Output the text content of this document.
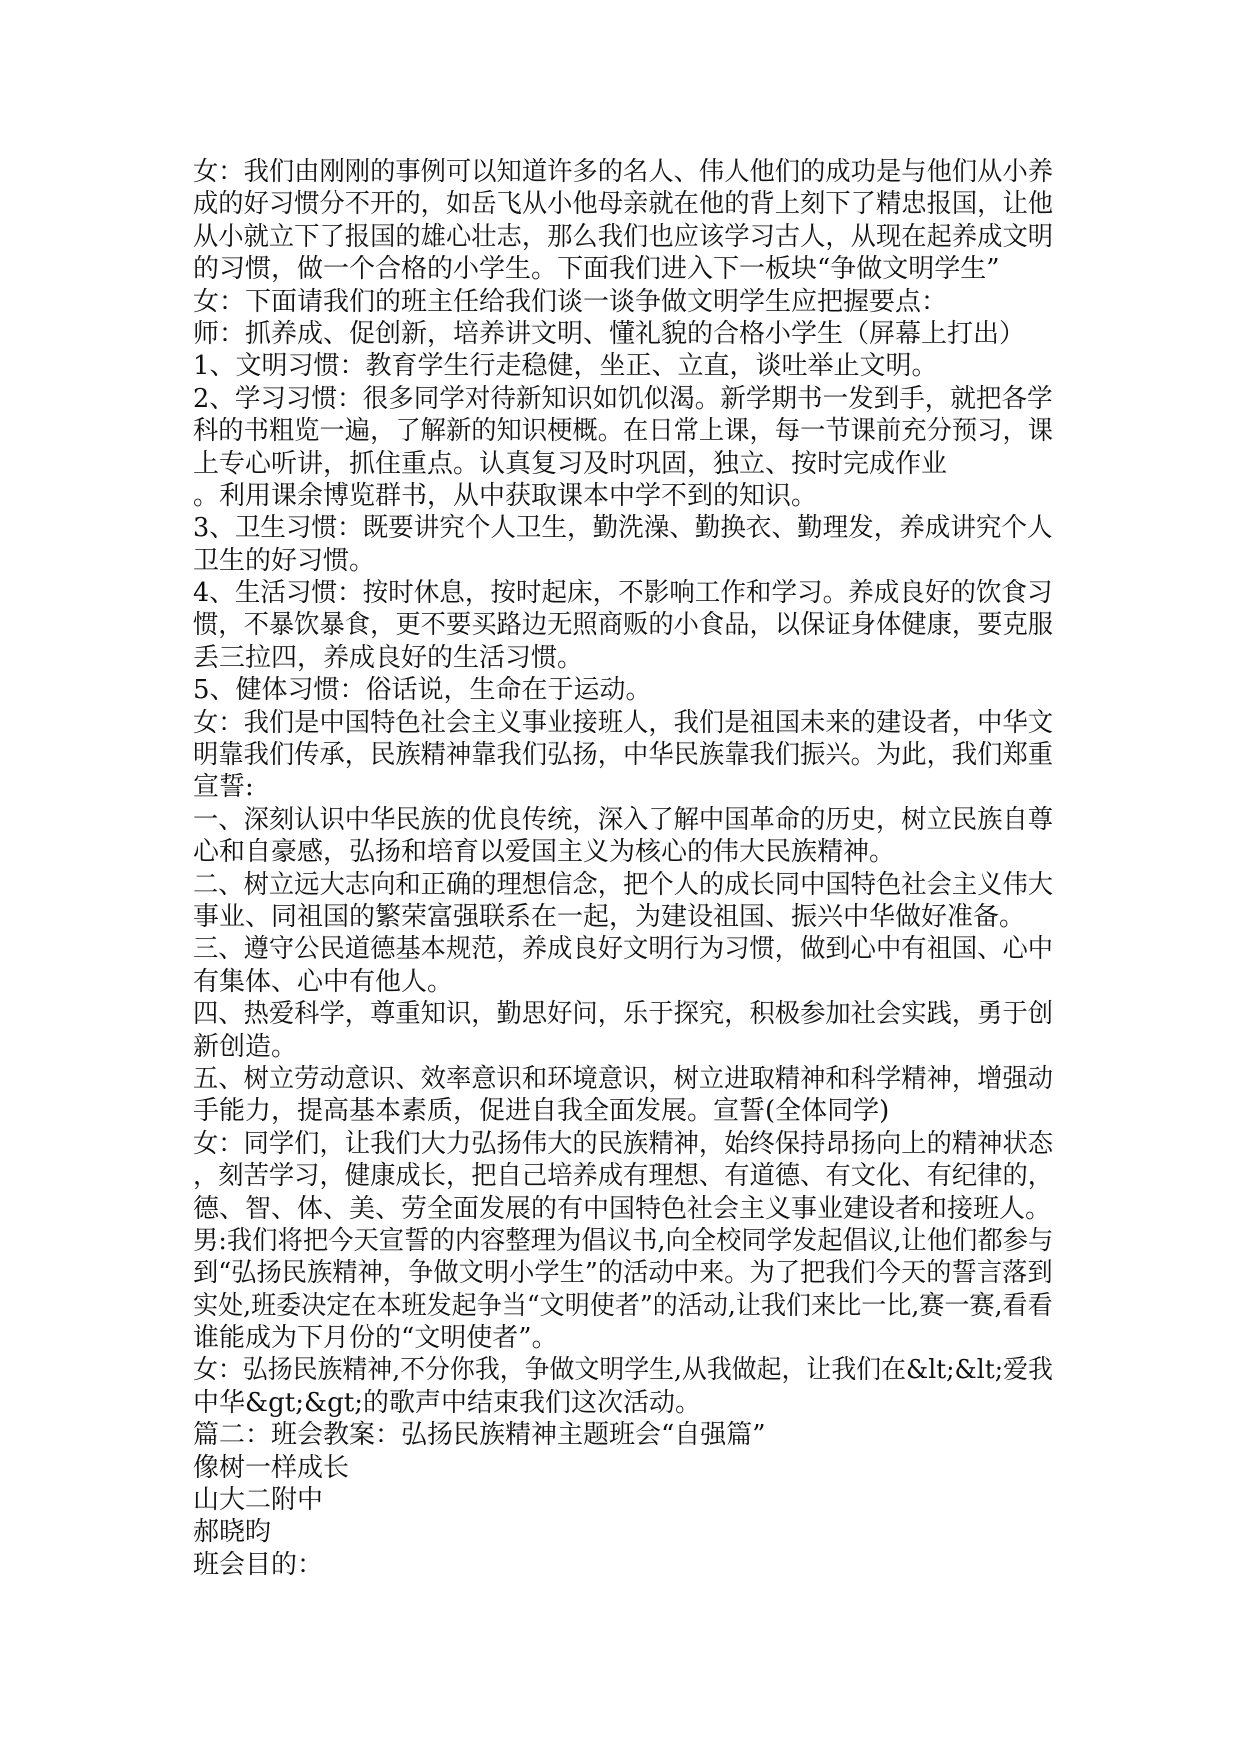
女：我们由刚刚的事例可以知道许多的名人、伟人他们的成功是与他们从小养
成的好习惯分不开的，如岳飞从小他母亲就在他的背上刻下了精忠报国，让他
从小就立下了报国的雄心壮志，那么我们也应该学习古人，从现在起养成文明
的习惯，做一个合格的小学生。下面我们进入下一板块“争做文明学生”
女：下面请我们的班主任给我们谈一谈争做文明学生应把握要点：
师：抓养成、促创新，培养讲文明、懂礼貌的合格小学生（屏幕上打出）
1、文明习惯：教育学生行走稳健，坐正、立直，谈吐举止文明。
2、学习习惯：很多同学对待新知识如饥似渴。新学期书一发到手，就把各学
科的书粗览一遍，了解新的知识梗概。在日常上课，每一节课前充分预习，课
上专心听讲，抓住重点。认真复习及时巩固，独立、按时完成作业
。利用课余博览群书，从中获取课本中学不到的知识。
3、卫生习惯：既要讲究个人卫生，勤洗澡、勤换衣、勤理发，养成讲究个人
卫生的好习惯。
4、生活习惯：按时休息，按时起床，不影响工作和学习。养成良好的饮食习
惯，不暴饮暴食，更不要买路边无照商贩的小食品，以保证身体健康，要克服
丢三拉四，养成良好的生活习惯。
5、健体习惯：俗话说，生命在于运动。
女：我们是中国特色社会主义事业接班人，我们是祖国未来的建设者，中华文
明靠我们传承，民族精神靠我们弘扬，中华民族靠我们振兴。为此，我们郑重
宣誓:
一、深刻认识中华民族的优良传统，深入了解中国革命的历史，树立民族自尊
心和自豪感，弘扬和培育以爱国主义为核心的伟大民族精神。
二、树立远大志向和正确的理想信念，把个人的成长同中国特色社会主义伟大
事业、同祖国的繁荣富强联系在一起，为建设祖国、振兴中华做好准备。
三、遵守公民道德基本规范，养成良好文明行为习惯，做到心中有祖国、心中
有集体、心中有他人。
四、热爱科学，尊重知识，勤思好问，乐于探究，积极参加社会实践，勇于创
新创造。
五、树立劳动意识、效率意识和环境意识，树立进取精神和科学精神，增强动
手能力，提高基本素质，促进自我全面发展。宣誓(全体同学)
女：同学们，让我们大力弘扬伟大的民族精神，始终保持昂扬向上的精神状态
，刻苦学习，健康成长，把自己培养成有理想、有道德、有文化、有纪律的，
德、智、体、美、劳全面发展的有中国特色社会主义事业建设者和接班人。
男:我们将把今天宣誓的内容整理为倡议书,向全校同学发起倡议,让他们都参与
到“弘扬民族精神，争做文明小学生”的活动中来。为了把我们今天的誓言落到
实处,班委决定在本班发起争当“文明使者”的活动,让我们来比一比,赛一赛,看看
谁能成为下月份的“文明使者”。
女：弘扬民族精神,不分你我，争做文明学生,从我做起，让我们在&lt;&lt;爱我
中华&gt;&gt;的歌声中结束我们这次活动。
篇二：班会教案：弘扬民族精神主题班会“自强篇”
像树一样成长
山大二附中
郝晓昀
班会目的：
